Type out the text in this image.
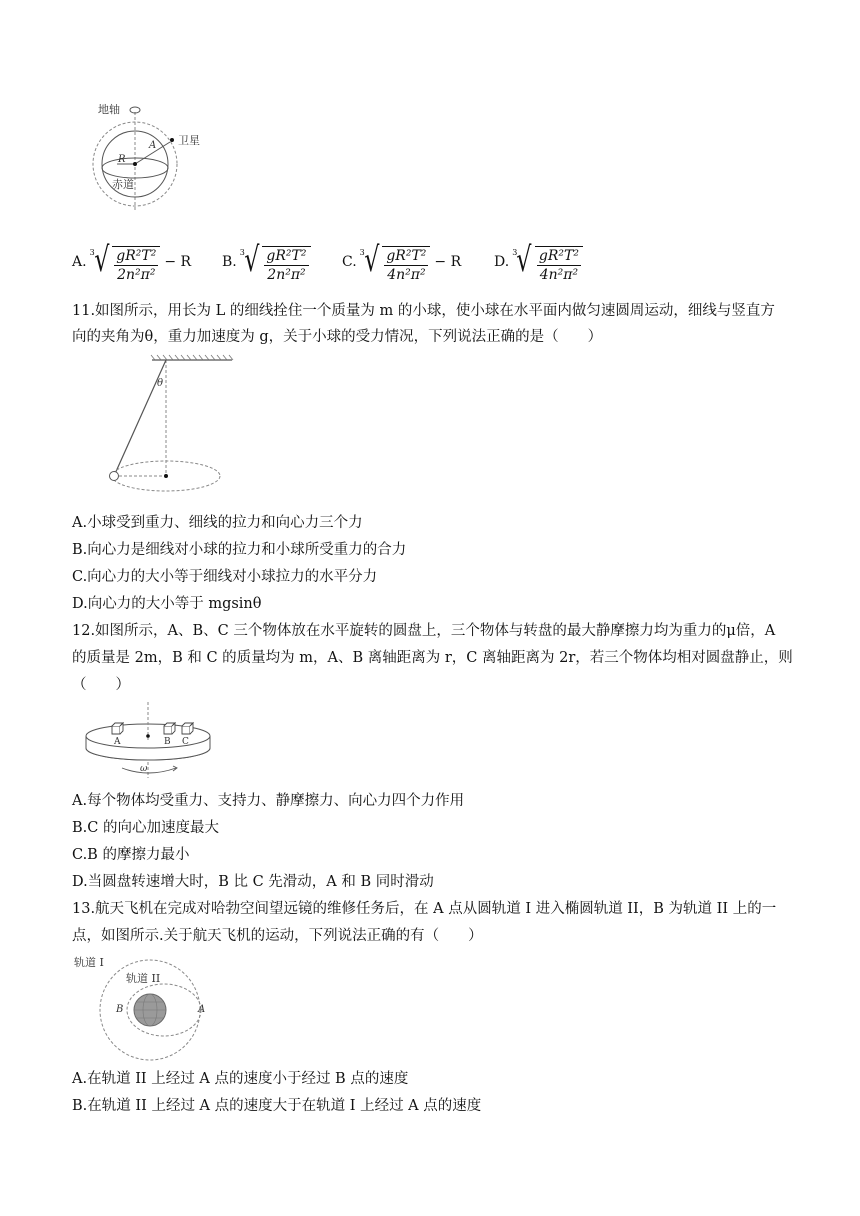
地轴
卫星
R
A
赤道
A.
3 √ $\frac{\text{gR²T²}}{\text{2n²π²}} - R$ B.
3 √ $\frac{\text{gR²T²}}{\text{2n²π²}} C$.
3 √ $\frac{\text{gR²T²}}{\text{4n²π²}} - R$ D.
3 √ $\frac{\text{gR²T²}}{\text{4n²π²}}$
11.如图所示，用长为 L 的细线拴住一个质量为 m 的小球，使小球在水平面内做匀速圆周运动，细线与竖直方
向的夹角为θ，重力加速度为 g，关于小球的受力情况，下列说法正确的是（　　）
θ
A.小球受到重力、细线的拉力和向心力三个力
B.向心力是细线对小球的拉力和小球所受重力的合力
C.向心力的大小等于细线对小球拉力的水平分力
D.向心力的大小等于 mgsinθ
12.如图所示，A、B、C 三个物体放在水平旋转的圆盘上，三个物体与转盘的最大静摩擦力均为重力的μ倍，A
的质量是 2m，B 和 C 的质量均为 m，A、B 离轴距离为 r，C 离轴距离为 2r，若三个物体均相对圆盘静止，则
（　　）
A	B C
ω
A.每个物体均受重力、支持力、静摩擦力、向心力四个力作用
B.C 的向心加速度最大
C.B 的摩擦力最小
D.当圆盘转速增大时，B 比 C 先滑动，A 和 B 同时滑动
13.航天飞机在完成对哈勃空间望远镜的维修任务后，在 A 点从圆轨道 I 进入椭圆轨道 II，B 为轨道 II 上的一
点，如图所示.关于航天飞机的运动，下列说法正确的有（　　）
轨道 I
轨道 II
B	A
A.在轨道 II 上经过 A 点的速度小于经过 B 点的速度
B.在轨道 II 上经过 A 点的速度大于在轨道 I 上经过 A 点的速度
